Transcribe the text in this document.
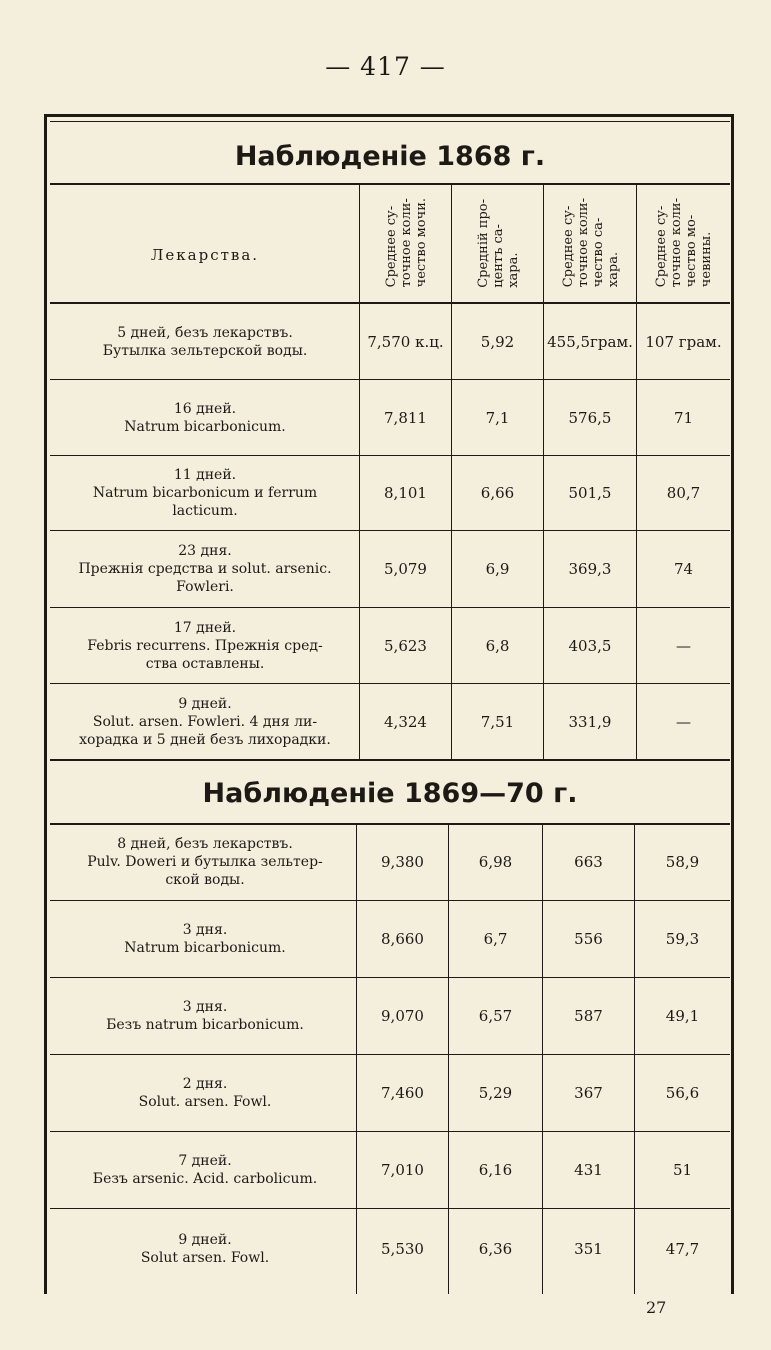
— 417 —
Наблюденіе 1868 г.
Лекарства.	Среднее су-
точное коли-
чество мочи.
Средній про-
центъ са-
хара.	Среднее су-
точное коли-
чество са-
хара.	Среднее су-
точное коли-
чество мо-
чевины.
5 дней, безъ лекарствъ.
Бутылка зельтерской воды.	7,570 к.ц.	5,92	455,5грам. 107 грам.
16 дней.
Natrum bicarbonicum.	7,811	7,1	576,5	71
11 дней.
Natrum bicarbonicum и ferrum
lacticum.
8,101	6,66	501,5	80,7
23 дня.
Прежнія средства и solut. arsenic.
Fowleri.
5,079	6,9	369,3	74
17 дней.
Febris recurrens. Прежнія сред-
ства оставлены.
5,623	6,8	403,5	—
9 дней.
Solut. arsen. Fowleri. 4 дня ли-
хорадка и 5 дней безъ лихорадки.
4,324	7,51	331,9	—
Наблюденіе 1869—70 г.
8 дней, безъ лекарствъ.
Pulv. Doweri и бутылка зельтер-
ской воды.
9,380	6,98	663	58,9
3 дня.
Natrum bicarbonicum.	8,660	6,7	556	59,3
3 дня.
Безъ natrum bicarbonicum.	9,070	6,57	587	49,1
2 дня.
Solut. arsen. Fowl.	7,460	5,29	367	56,6
7 дней.
Безъ arsenic. Acid. carbolicum.	7,010	6,16	431	51
9 дней.
Solut arsen. Fowl.	5,530	6,36	351	47,7
27
